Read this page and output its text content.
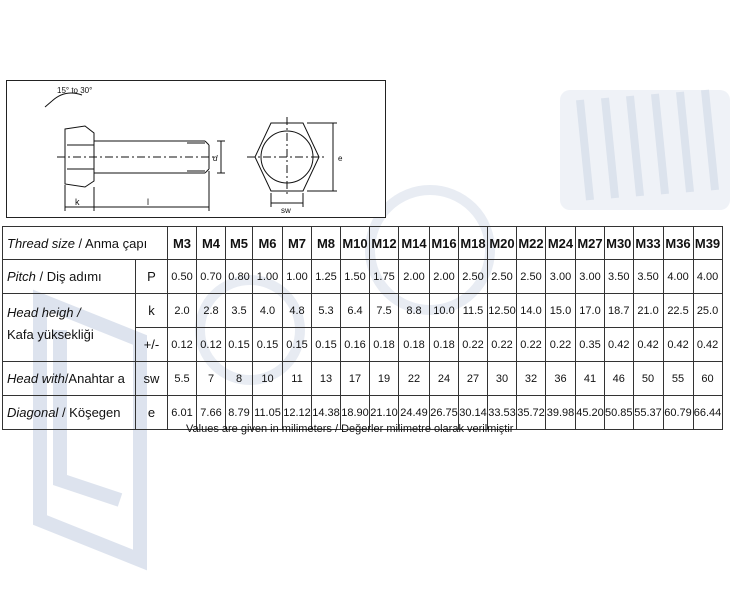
15° to 30°
d
k	l
e
sw
Thread size / Anma çapı		M3	M4	M5	M6	M7	M8	M10	M12	M14	M16	M18	M20	M22	M24	M27	M30	M33	M36	M39
Pitch / Diş adımı	P	0.50	0.70	0.80	1.00	1.00	1.25	1.50	1.75	2.00	2.00	2.50	2.50	2.50	3.00	3.00	3.50	3.50	4.00	4.00
Head heigh /
Kafa yüksekliği	k	2.0	2.8	3.5	4.0	4.8	5.3	6.4	7.5	8.8	10.0	11.5	12.50	14.0	15.0	17.0	18.7	21.0	22.5	25.0
	+/-	0.12	0.12	0.15	0.15	0.15	0.15	0.16	0.18	0.18	0.18	0.22	0.22	0.22	0.22	0.35	0.42	0.42	0.42	0.42
Head with/Anahtar a	sw	5.5	7	8	10	11	13	17	19	22	24	27	30	32	36	41	46	50	55	60
Diagonal / Köşegen	e	6.01	7.66	8.79	11.05	12.12	14.38	18.90	21.10	24.49	26.75	30.14	33.53	35.72	39.98	45.20	50.85	55.37	60.79	66.44
Values are given in milimeters / Değerler milimetre olarak verilmiştir
